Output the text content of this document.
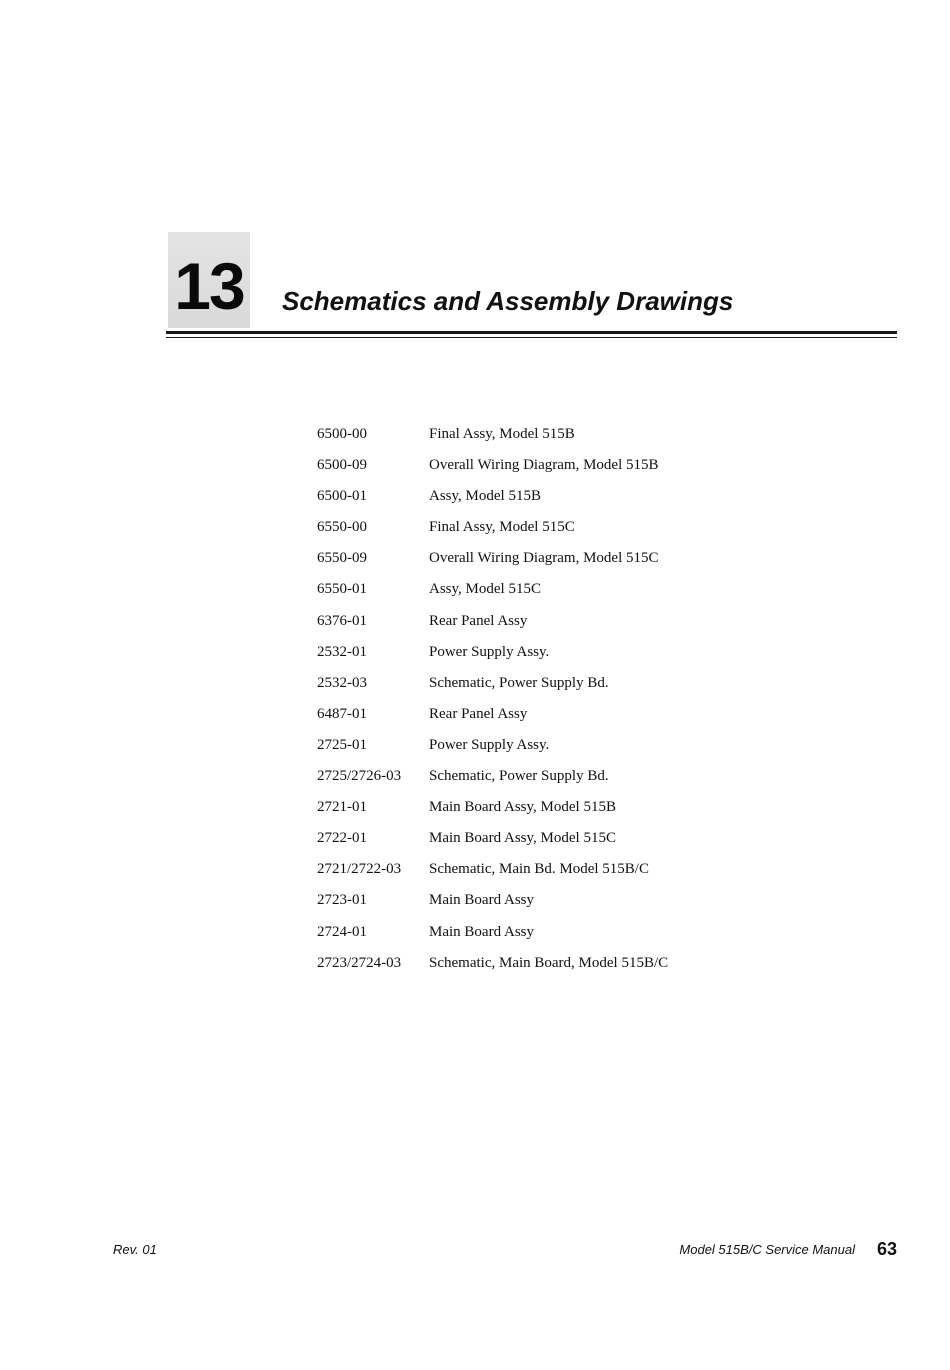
13 Schematics and Assembly Drawings
6500-00	Final Assy, Model 515B
6500-09	Overall Wiring Diagram, Model 515B
6500-01	Assy, Model 515B
6550-00	Final Assy, Model 515C
6550-09	Overall Wiring Diagram, Model 515C
6550-01	Assy, Model 515C
6376-01	Rear Panel Assy
2532-01	Power Supply Assy.
2532-03	Schematic, Power Supply Bd.
6487-01	Rear Panel Assy
2725-01	Power Supply Assy.
2725/2726-03 Schematic, Power Supply Bd.
2721-01	Main Board Assy, Model 515B
2722-01	Main Board Assy, Model 515C
2721/2722-03 Schematic, Main Bd. Model 515B/C
2723-01	Main Board Assy
2724-01	Main Board Assy
2723/2724-03 Schematic, Main Board, Model 515B/C
Rev. 01	Model 515B/C Service Manual 63
